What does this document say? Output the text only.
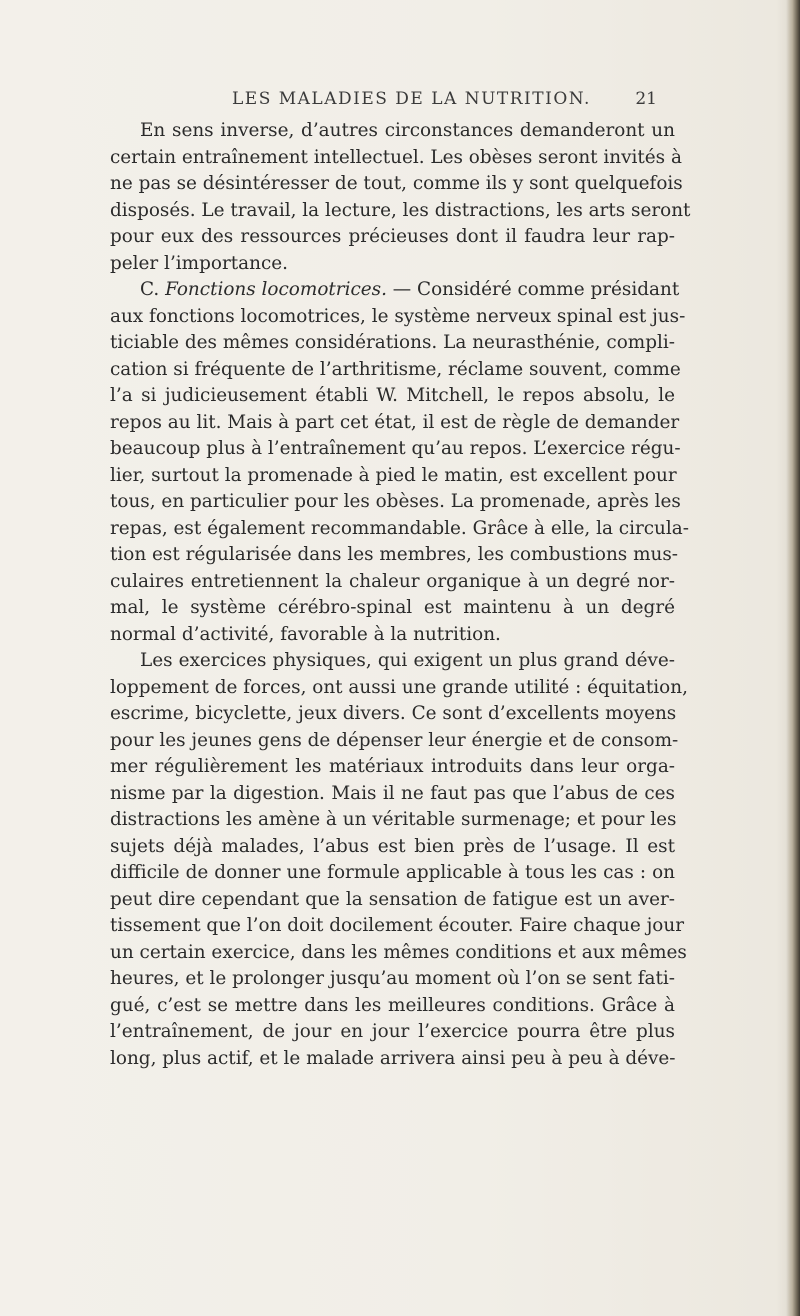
LES MALADIES DE LA NUTRITION.	21
En sens inverse, d’autres circonstances demanderont un
certain entraînement intellectuel. Les obèses seront invités à
ne pas se désintéresser de tout, comme ils y sont quelquefois
disposés. Le travail, la lecture, les distractions, les arts seront
pour eux des ressources précieuses dont il faudra leur rap-
peler l’importance.
C. Fonctions locomotrices. — Considéré comme présidant
aux fonctions locomotrices, le système nerveux spinal est jus-
ticiable des mêmes considérations. La neurasthénie, compli-
cation si fréquente de l’arthritisme, réclame souvent, comme
l’a si judicieusement établi W. Mitchell, le repos absolu, le
repos au lit. Mais à part cet état, il est de règle de demander
beaucoup plus à l’entraînement qu’au repos. L’exercice régu-
lier, surtout la promenade à pied le matin, est excellent pour
tous, en particulier pour les obèses. La promenade, après les
repas, est également recommandable. Grâce à elle, la circula-
tion est régularisée dans les membres, les combustions mus-
culaires entretiennent la chaleur organique à un degré nor-
mal, le système cérébro-spinal est maintenu à un degré
normal d’activité, favorable à la nutrition.
Les exercices physiques, qui exigent un plus grand déve-
loppement de forces, ont aussi une grande utilité : équitation,
escrime, bicyclette, jeux divers. Ce sont d’excellents moyens
pour les jeunes gens de dépenser leur énergie et de consom-
mer régulièrement les matériaux introduits dans leur orga-
nisme par la digestion. Mais il ne faut pas que l’abus de ces
distractions les amène à un véritable surmenage; et pour les
sujets déjà malades, l’abus est bien près de l’usage. Il est
difficile de donner une formule applicable à tous les cas : on
peut dire cependant que la sensation de fatigue est un aver-
tissement que l’on doit docilement écouter. Faire chaque jour
un certain exercice, dans les mêmes conditions et aux mêmes
heures, et le prolonger jusqu’au moment où l’on se sent fati-
gué, c’est se mettre dans les meilleures conditions. Grâce à
l’entraînement, de jour en jour l’exercice pourra être plus
long, plus actif, et le malade arrivera ainsi peu à peu à déve-
